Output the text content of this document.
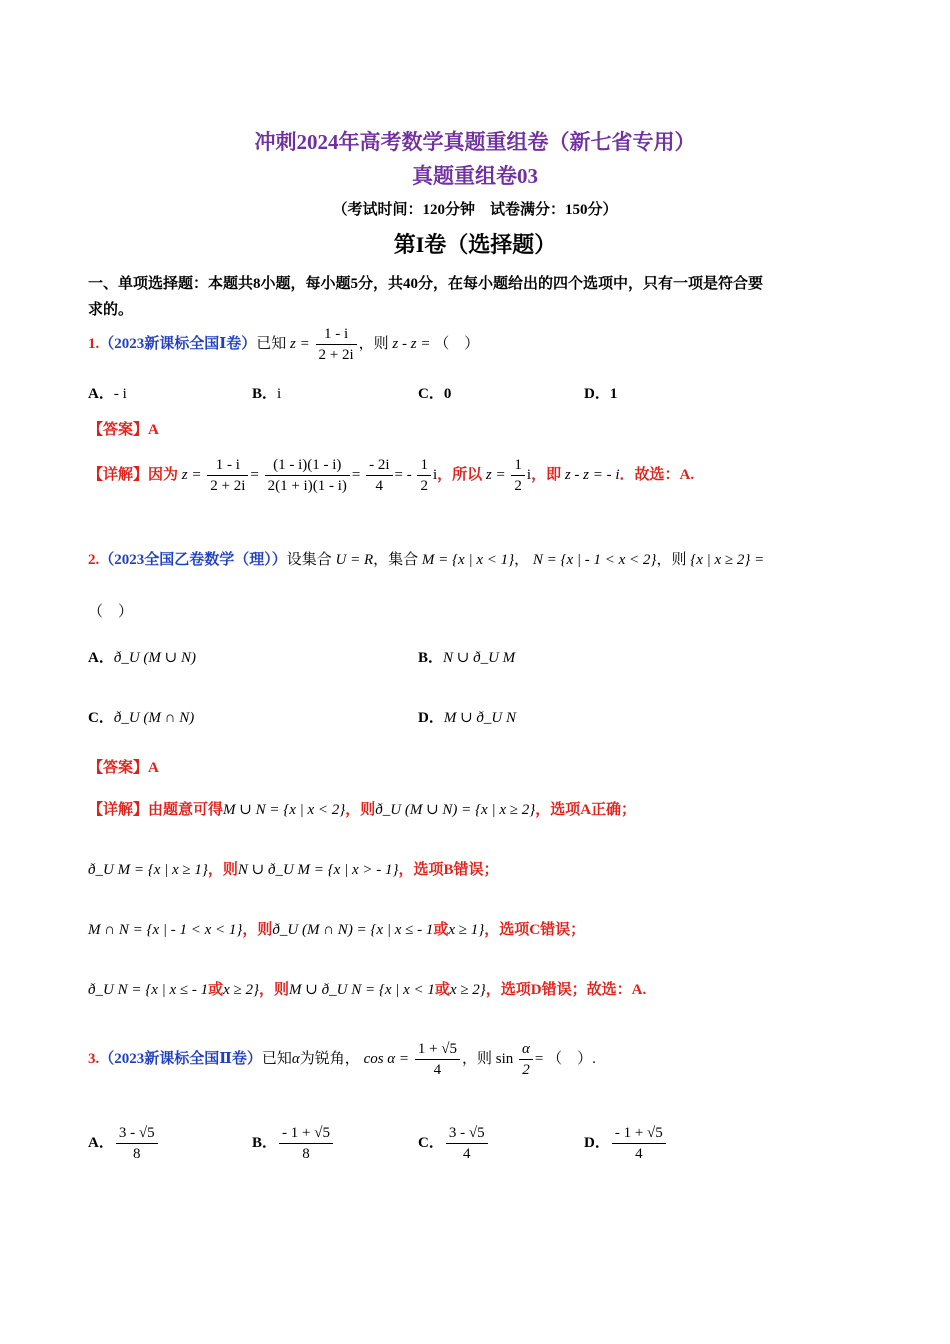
冲刺2024年高考数学真题重组卷（新七省专用）
真题重组卷03
（考试时间：120分钟　试卷满分：150分）
第I卷（选择题）
一、单项选择题：本题共8小题，每小题5分，共40分，在每小题给出的四个选项中，只有一项是符合要
求的。
1.（2023新课标全国Ⅰ卷）已知 $z = \frac{1 - i}{2 + 2i}$ ，则 z - z = （　）
A．- i	B．i	C．0	D．1
【答案】A
【详解】因为 $z = \frac{1 - i}{2 + 2i} = \frac{(1 - i)(1 - i)}{2(1 + i)(1 - i)} = \frac{- 2i}{4}$ = - $\frac{1}{2}$ i，所以 $z = \frac{1}{2}$ i，即 z - z = - i．故选：A.
2.（2023全国乙卷数学（理））设集合 U = R，集合 M = {x | x < 1}， N = {x | - 1 < x < 2}，则 {x | x ≥ 2} =
（　）
A．ð_U (M ∪ N)	B．N ∪ ð_U M
C．ð_U (M ∩ N)	D．M ∪ ð_U N
【答案】A
【详解】由题意可得M ∪ N = {x | x < 2}，则ð_U (M ∪ N) = {x | x ≥ 2}，选项A正确；
ð_U M = {x | x ≥ 1}，则N ∪ ð_U M = {x | x > - 1}，选项B错误；
M ∩ N = {x | - 1 < x < 1}，则ð_U (M ∩ N) = {x | x ≤ - 1或x ≥ 1}，选项C错误；
ð_U N = {x | x ≤ - 1或x ≥ 2}，则M ∪ ð_U N = {x | x < 1或x ≥ 2}，选项D错误；故选：A.
3.（2023新课标全国Ⅱ卷）已知α为锐角， $\cos \alpha = \frac{1 + √5}{4}$ ，则 $\sin \frac{\alpha}{2}$ = （　）.
A． $\frac{3 - √5}{8}$	B． $\frac{- 1 + √5}{8}$	C． $\frac{3 - √5}{4}$	D． $\frac{- 1 + √5}{4}$
